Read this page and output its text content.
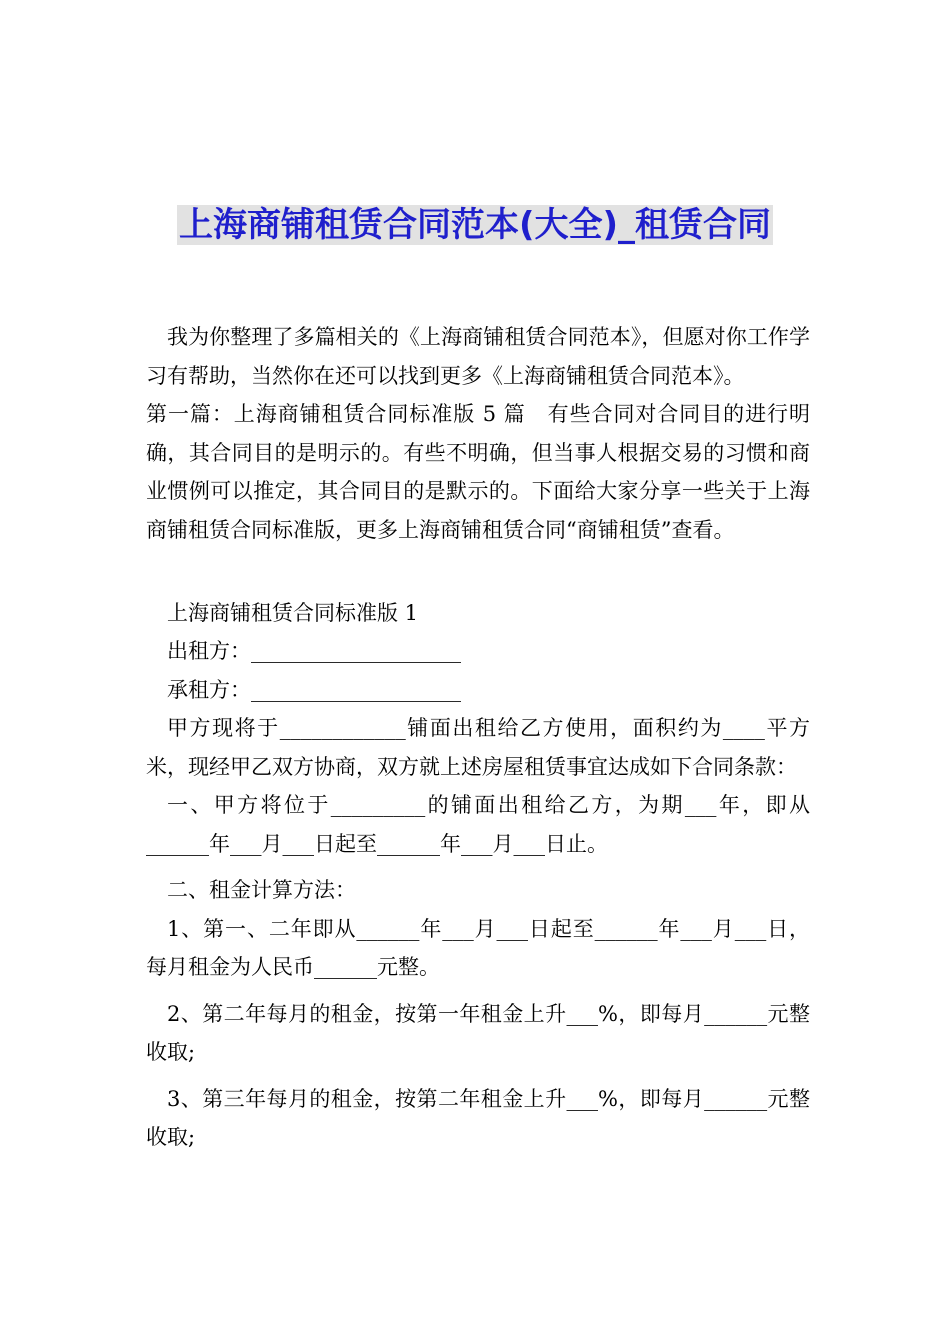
上海商铺租赁合同范本(大全)_租赁合同

我为你整理了多篇相关的《上海商铺租赁合同范本》，但愿对你工作学习有帮助，当然你在还可以找到更多《上海商铺租赁合同范本》。

第一篇：上海商铺租赁合同标准版 5 篇　有些合同对合同目的进行明确，其合同目的是明示的。有些不明确，但当事人根据交易的习惯和商业惯例可以推定，其合同目的是默示的。下面给大家分享一些关于上海商铺租赁合同标准版，更多上海商铺租赁合同“商铺租赁”查看。

上海商铺租赁合同标准版 1

出租方：____________________

承租方：____________________

甲方现将于____________铺面出租给乙方使用，面积约为____平方米，现经甲乙双方协商，双方就上述房屋租赁事宜达成如下合同条款：

一、甲方将位于_________的铺面出租给乙方，为期___年，即从______年___月___日起至______年___月___日止。

二、租金计算方法：

1、第一、二年即从______年___月___日起至______年___月___日，每月租金为人民币______元整。

2、第二年每月的租金，按第一年租金上升___%，即每月______元整收取;

3、第三年每月的租金，按第二年租金上升___%，即每月______元整收取;
